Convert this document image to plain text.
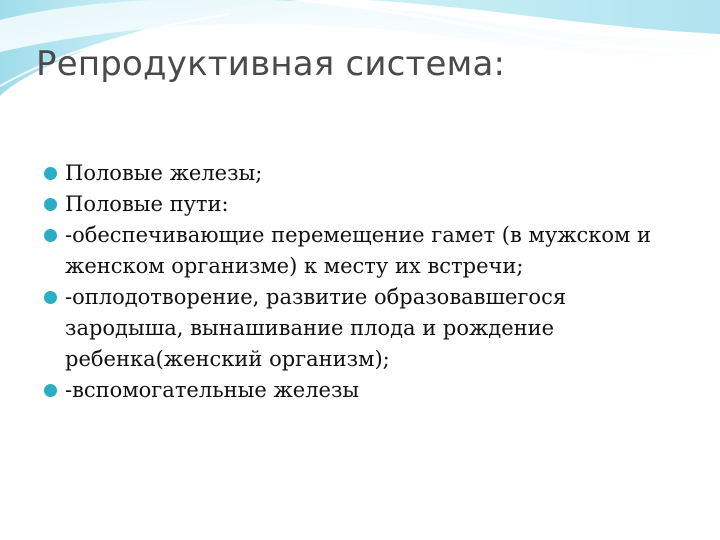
Репродуктивная система:
Половые железы;
Половые пути:
-обеспечивающие перемещение гамет (в мужском и женском организме) к месту их встречи;
-оплодотворение, развитие образовавшегося зародыша, вынашивание плода и рождение ребенка(женский организм);
-вспомогательные железы
